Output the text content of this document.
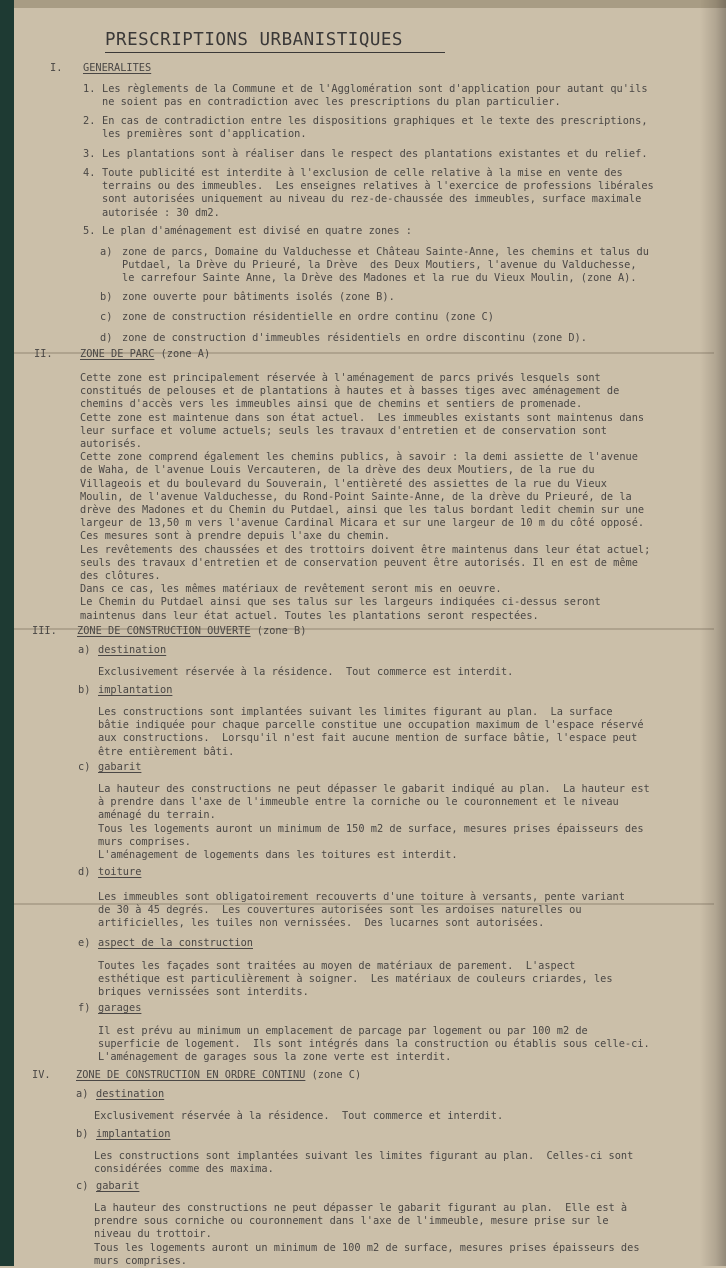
PRESCRIPTIONS URBANISTIQUES
I. GENERALITES
1. Les règlements de la Commune et de l'Agglomération sont d'application pour autant qu'ils
ne soient pas en contradiction avec les prescriptions du plan particulier.
2. En cas de contradiction entre les dispositions graphiques et le texte des prescriptions,
les premières sont d'application.
3. Les plantations sont à réaliser dans le respect des plantations existantes et du relief.
4. Toute publicité est interdite à l'exclusion de celle relative à la mise en vente des
terrains ou des immeubles.  Les enseignes relatives à l'exercice de professions libérales
sont autorisées uniquement au niveau du rez-de-chaussée des immeubles, surface maximale
autorisée : 30 dm2.
5. Le plan d'aménagement est divisé en quatre zones :
a) zone de parcs, Domaine du Valduchesse et Château Sainte-Anne, les chemins et talus du
Putdael, la Drève du Prieuré, la Drève  des Deux Moutiers, l'avenue du Valduchesse,
le carrefour Sainte Anne, la Drève des Madones et la rue du Vieux Moulin, (zone A).
b) zone ouverte pour bâtiments isolés (zone B).
c) zone de construction résidentielle en ordre continu (zone C)
d) zone de construction d'immeubles résidentiels en ordre discontinu (zone D).
II.	ZONE DE PARC (zone A)
Cette zone est principalement réservée à l'aménagement de parcs privés lesquels sont
constitués de pelouses et de plantations à hautes et à basses tiges avec aménagement de
chemins d'accès vers les immeubles ainsi que de chemins et sentiers de promenade.
Cette zone est maintenue dans son état actuel.  Les immeubles existants sont maintenus dans
leur surface et volume actuels; seuls les travaux d'entretien et de conservation sont
autorisés.
Cette zone comprend également les chemins publics, à savoir : la demi assiette de l'avenue
de Waha, de l'avenue Louis Vercauteren, de la drève des deux Moutiers, de la rue du
Villageois et du boulevard du Souverain, l'entièreté des assiettes de la rue du Vieux
Moulin, de l'avenue Valduchesse, du Rond-Point Sainte-Anne, de la drève du Prieuré, de la
drève des Madones et du Chemin du Putdael, ainsi que les talus bordant ledit chemin sur une
largeur de 13,50 m vers l'avenue Cardinal Micara et sur une largeur de 10 m du côté opposé.
Ces mesures sont à prendre depuis l'axe du chemin.
Les revêtements des chaussées et des trottoirs doivent être maintenus dans leur état actuel;
seuls des travaux d'entretien et de conservation peuvent être autorisés. Il en est de même
des clôtures.
Dans ce cas, les mêmes matériaux de revêtement seront mis en oeuvre.
Le Chemin du Putdael ainsi que ses talus sur les largeurs indiquées ci-dessus seront
maintenus dans leur état actuel. Toutes les plantations seront respectées.
III. ZONE DE CONSTRUCTION OUVERTE (zone B)
a) destination
Exclusivement réservée à la résidence.  Tout commerce est interdit.
b) implantation
Les constructions sont implantées suivant les limites figurant au plan.  La surface
bâtie indiquée pour chaque parcelle constitue une occupation maximum de l'espace réservé
aux constructions.  Lorsqu'il n'est fait aucune mention de surface bâtie, l'espace peut
être entièrement bâti.
c) gabarit
La hauteur des constructions ne peut dépasser le gabarit indiqué au plan.  La hauteur est
à prendre dans l'axe de l'immeuble entre la corniche ou le couronnement et le niveau
aménagé du terrain.
Tous les logements auront un minimum de 150 m2 de surface, mesures prises épaisseurs des
murs comprises.
L'aménagement de logements dans les toitures est interdit.
d) toiture
Les immeubles sont obligatoirement recouverts d'une toiture à versants, pente variant
de 30 à 45 degrés.  Les couvertures autorisées sont les ardoises naturelles ou
artificielles, les tuiles non vernissées.  Des lucarnes sont autorisées.
e) aspect de la construction
Toutes les façades sont traitées au moyen de matériaux de parement.  L'aspect
esthétique est particulièrement à soigner.  Les matériaux de couleurs criardes, les
briques vernissées sont interdits.
f) garages
Il est prévu au minimum un emplacement de parcage par logement ou par 100 m2 de
superficie de logement.  Ils sont intégrés dans la construction ou établis sous celle-ci.
L'aménagement de garages sous la zone verte est interdit.
IV. ZONE DE CONSTRUCTION EN ORDRE CONTINU (zone C)
a) destination
Exclusivement réservée à la résidence.  Tout commerce et interdit.
b) implantation
Les constructions sont implantées suivant les limites figurant au plan.  Celles-ci sont
considérées comme des maxima.
c) gabarit
La hauteur des constructions ne peut dépasser le gabarit figurant au plan.  Elle est à
prendre sous corniche ou couronnement dans l'axe de l'immeuble, mesure prise sur le
niveau du trottoir.
Tous les logements auront un minimum de 100 m2 de surface, mesures prises épaisseurs des
murs comprises.
